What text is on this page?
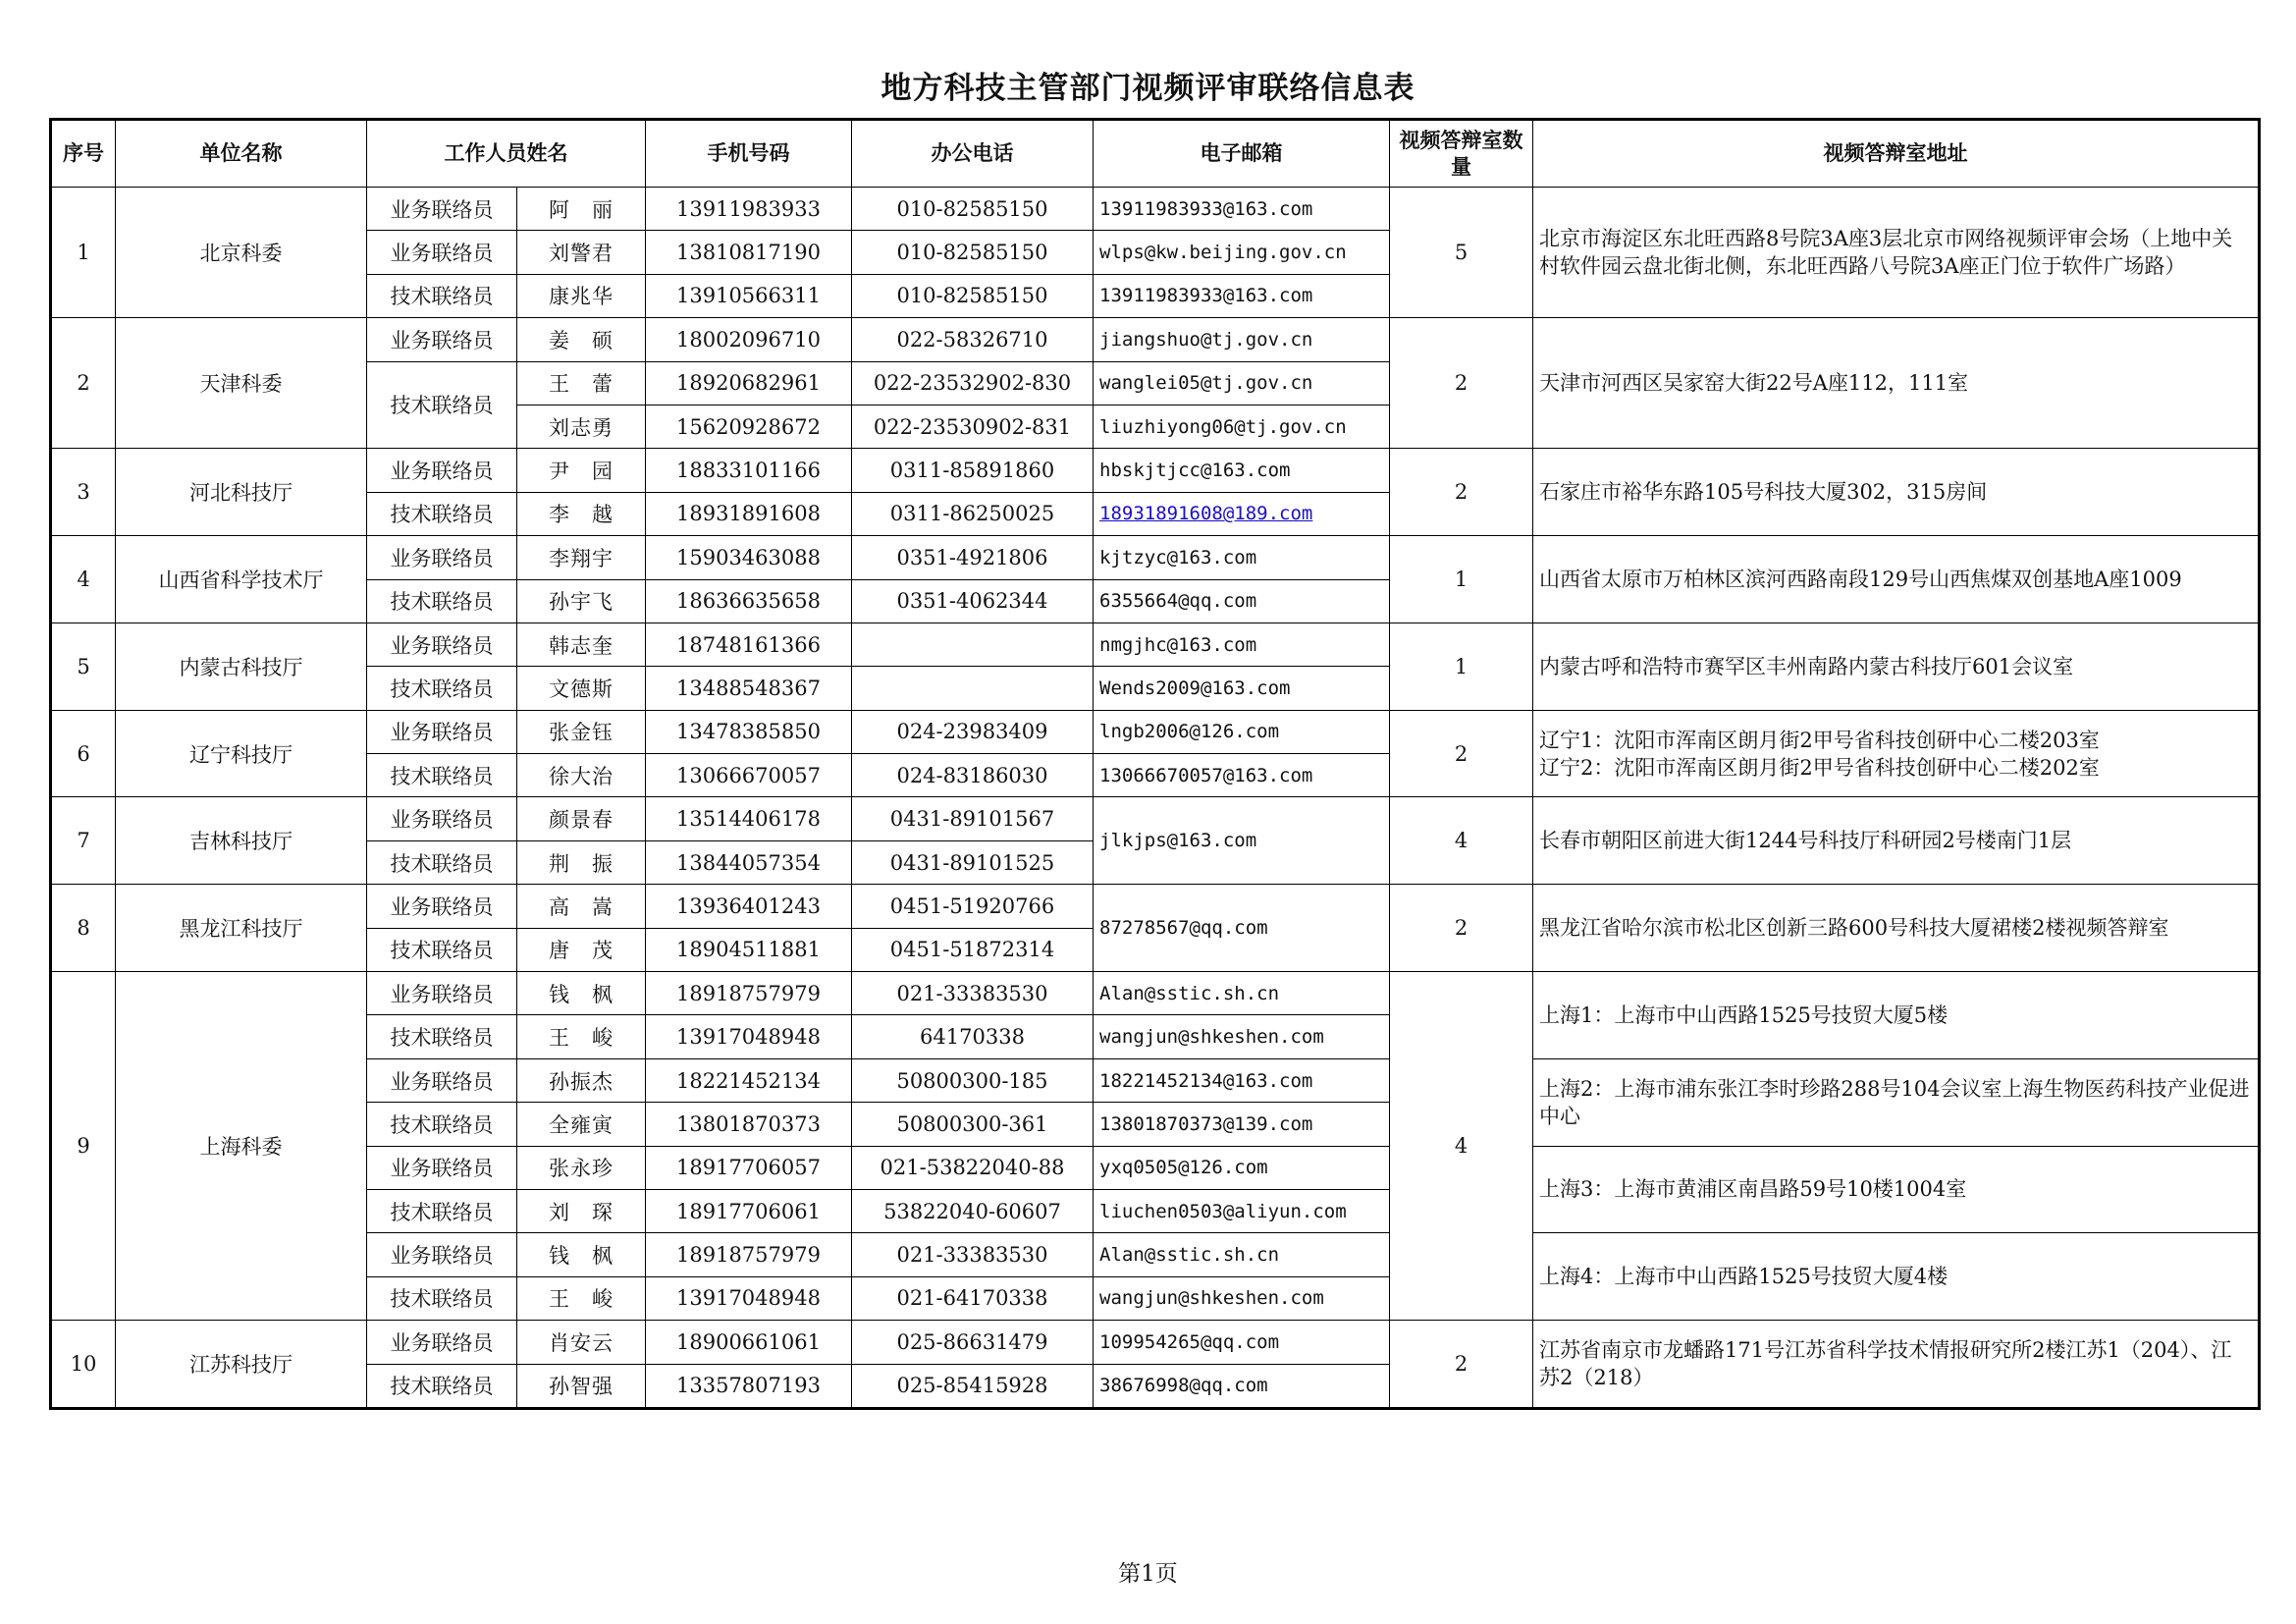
地方科技主管部门视频评审联络信息表
序号	单位名称	工作人员姓名		手机号码	办公电话	电子邮箱	视频答辩室数量	视频答辩室地址
1	北京科委	业务联络员	阿　丽	13911983933	010-82585150	13911983933@163.com	5	北京市海淀区东北旺西路8号院3A座3层北京市网络视频评审会场（上地中关村软件园云盘北街北侧，东北旺西路八号院3A座正门位于软件广场路）

		业务联络员	刘警君	13810817190	010-82585150	wlps@kw.beijing.gov.cn		
		技术联络员	康兆华	13910566311	010-82585150	13911983933@163.com		
2	天津科委	业务联络员	姜　硕	18002096710	022-58326710	jiangshuo@tj.gov.cn	2	天津市河西区吴家窑大街22号A座112，111室

		技术联络员	王　蕾	18920682961	022-23532902-830	wanglei05@tj.gov.cn		
			刘志勇	15620928672	022-23530902-831	liuzhiyong06@tj.gov.cn		
3	河北科技厅	业务联络员	尹　园	18833101166	0311-85891860	hbskjtjcc@163.com	2	石家庄市裕华东路105号科技大厦302，315房间

		技术联络员	李　越	18931891608	0311-86250025	18931891608@189.com		
4	山西省科学技术厅	业务联络员	李翔宇	15903463088	0351-4921806	kjtzyc@163.com	1	山西省太原市万柏林区滨河西路南段129号山西焦煤双创基地A座1009

		技术联络员	孙宇飞	18636635658	0351-4062344	6355664@qq.com		
5	内蒙古科技厅	业务联络员	韩志奎	18748161366		nmgjhc@163.com	1	内蒙古呼和浩特市赛罕区丰州南路内蒙古科技厅601会议室

		技术联络员	文德斯	13488548367		Wends2009@163.com		
6	辽宁科技厅	业务联络员	张金钰	13478385850	024-23983409	lngb2006@126.com	2	辽宁1：沈阳市浑南区朗月街2甲号省科技创研中心二楼203室
辽宁2：沈阳市浑南区朗月街2甲号省科技创研中心二楼202室

		技术联络员	徐大治	13066670057	024-83186030	13066670057@163.com		
7	吉林科技厅	业务联络员	颜景春	13514406178	0431-89101567	jlkjps@163.com	4	长春市朝阳区前进大街1244号科技厅科研园2号楼南门1层

		技术联络员	荆　振	13844057354	0431-89101525			
8	黑龙江科技厅	业务联络员	高　嵩	13936401243	0451-51920766	87278567@qq.com	2	黑龙江省哈尔滨市松北区创新三路600号科技大厦裙楼2楼视频答辩室

		技术联络员	唐　茂	18904511881	0451-51872314			
9	上海科委	业务联络员	钱　枫	18918757979	021-33383530	Alan@sstic.sh.cn	4	上海1：上海市中山西路1525号技贸大厦5楼
		技术联络员	王　峻	13917048948	64170338	wangjun@shkeshen.com		
		业务联络员	孙振杰	18221452134	50800300-185	18221452134@163.com		上海2：上海市浦东张江李时珍路288号104会议室上海生物医药科技产业促进中心
		技术联络员	全雍寅	13801870373	50800300-361	13801870373@139.com		
		业务联络员	张永珍	18917706057	021-53822040-88	yxq0505@126.com		上海3：上海市黄浦区南昌路59号10楼1004室
		技术联络员	刘　琛	18917706061	53822040-60607	liuchen0503@aliyun.com		
		业务联络员	钱　枫	18918757979	021-33383530	Alan@sstic.sh.cn		上海4：上海市中山西路1525号技贸大厦4楼
		技术联络员	王　峻	13917048948	021-64170338	wangjun@shkeshen.com		
10	江苏科技厅	业务联络员	肖安云	18900661061	025-86631479	109954265@qq.com	2	江苏省南京市龙蟠路171号江苏省科学技术情报研究所2楼江苏1（204）、江苏2（218）

		技术联络员	孙智强	13357807193	025-85415928	38676998@qq.com		
第1页
